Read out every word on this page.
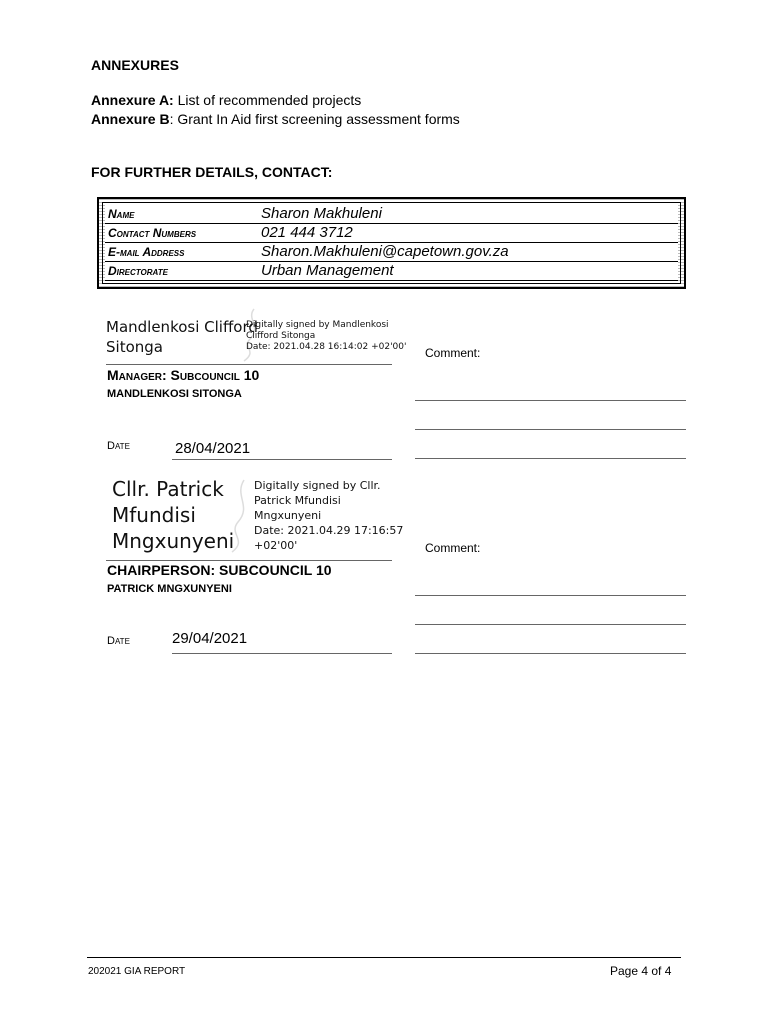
ANNEXURES
Annexure A: List of recommended projects
Annexure B: Grant In Aid first screening assessment forms
FOR FURTHER DETAILS, CONTACT:
Name	Sharon Makhuleni
Contact Numbers	021 444 3712
E-mail Address	Sharon.Makhuleni@capetown.gov.za
Directorate	Urban Management
Mandlenkosi Clifford
Sitonga
Digitally signed by Mandlenkosi
Clifford Sitonga
Date: 2021.04.28 16:14:02 +02'00' Comment:
Manager: Subcouncil 10
MANDLENKOSI SITONGA
Date	28/04/2021
Cllr. Patrick
Mfundisi
Mngxunyeni
Digitally signed by Cllr.
Patrick Mfundisi
Mngxunyeni
Date: 2021.04.29 17:16:57
+02'00'	Comment:
CHAIRPERSON: SUBCOUNCIL 10
PATRICK MNGXUNYENI
Date	29/04/2021
202021 GIA REPORT	Page 4 of 4
